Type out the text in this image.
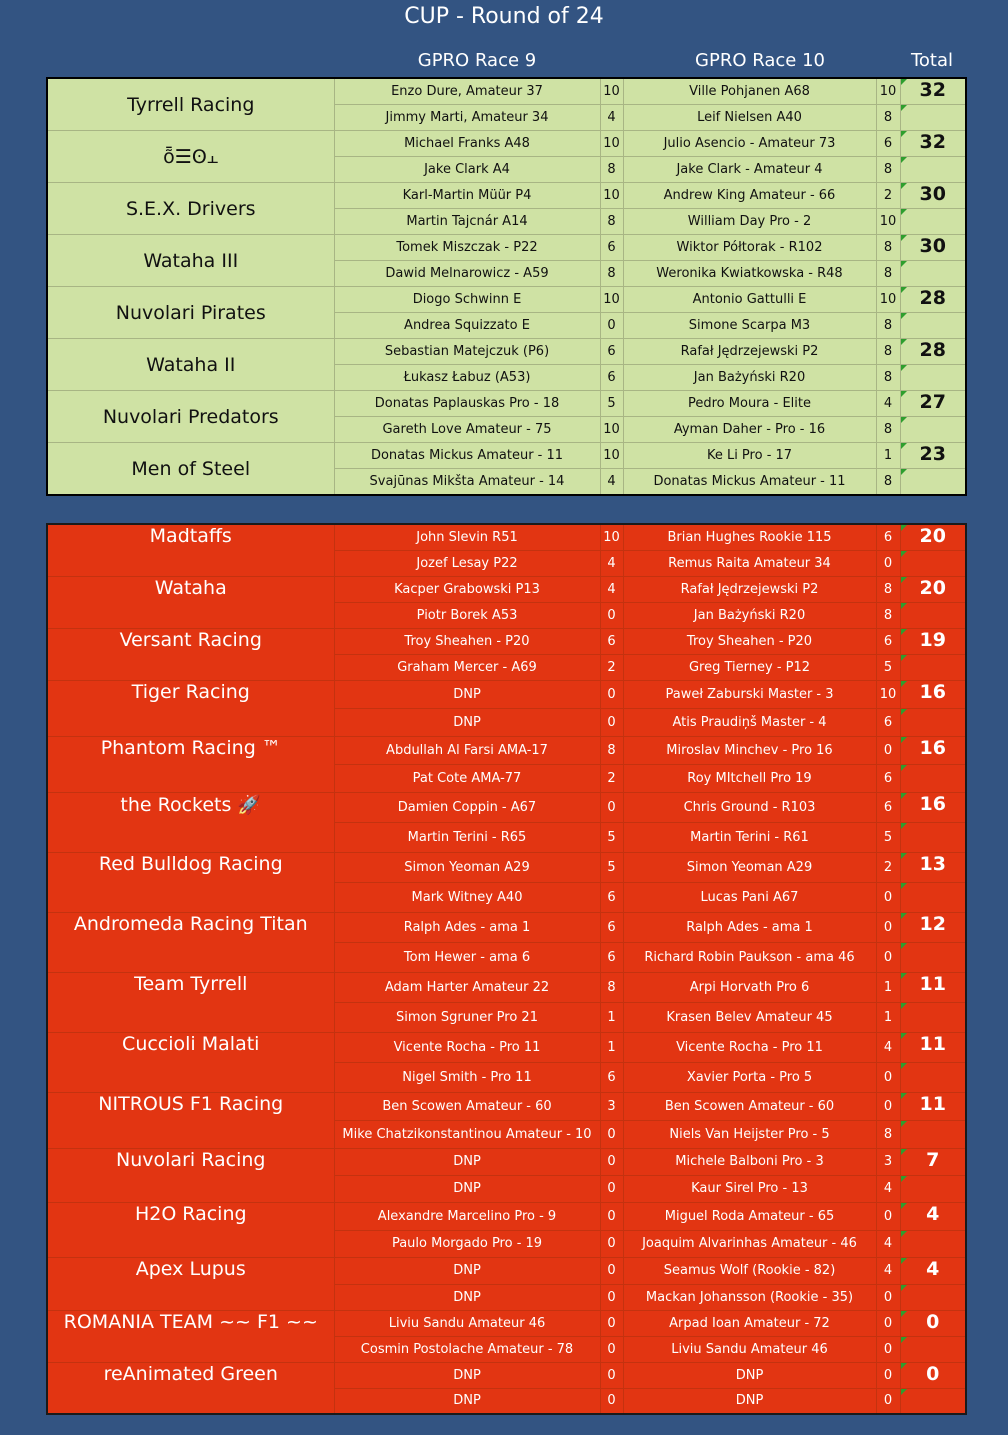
CUP - Round of 24
GPRO Race 9	GPRO Race 10	Total
Tyrrell Racing	Enzo Dure, Amateur 37	10	Ville Pohjanen A68	10	32
	Jimmy Marti, Amateur 34	4	Leif Nielsen A40	8	
ȭ☰ʘ⫠	Michael Franks A48	10	Julio Asencio - Amateur 73	6	32
	Jake Clark A4	8	Jake Clark - Amateur 4	8	
S.E.X. Drivers	Karl-Martin Müür P4	10	Andrew King Amateur - 66	2	30
	Martin Tajcnár A14	8	William Day Pro - 2	10	
Wataha III	Tomek Miszczak - P22	6	Wiktor Półtorak - R102	8	30
	Dawid Melnarowicz - A59	8	Weronika Kwiatkowska - R48	8	
Nuvolari Pirates	Diogo Schwinn E	10	Antonio Gattulli E	10	28
	Andrea Squizzato E	0	Simone Scarpa M3	8	
Wataha II	Sebastian Matejczuk (P6)	6	Rafał Jędrzejewski P2	8	28
	Łukasz Łabuz (A53)	6	Jan Bażyński R20	8	
Nuvolari Predators	Donatas Paplauskas Pro - 18	5	Pedro Moura - Elite	4	27
	Gareth Love Amateur - 75	10	Ayman Daher - Pro - 16	8	
Men of Steel	Donatas Mickus Amateur - 11	10	Ke Li Pro - 17	1	23
	Svajūnas Mikšta Amateur - 14	4	Donatas Mickus Amateur - 11	8	
Madtaffs	John Slevin R51	10	Brian Hughes Rookie 115	6	20
	Jozef Lesay P22	4	Remus Raita Amateur 34	0	
Wataha	Kacper Grabowski P13	4	Rafał Jędrzejewski P2	8	20
	Piotr Borek A53	0	Jan Bażyński R20	8	
Versant Racing	Troy Sheahen - P20	6	Troy Sheahen - P20	6	19
	Graham Mercer - A69	2	Greg Tierney - P12	5	
Tiger Racing	DNP	0	Paweł Zaburski Master - 3	10	16
	DNP	0	Atis Praudiņš Master - 4	6	
Phantom Racing ™	Abdullah Al Farsi AMA-17	8	Miroslav Minchev - Pro 16	0	16
	Pat Cote AMA-77	2	Roy MItchell Pro 19	6	
the Rockets 🚀	Damien Coppin - A67	0	Chris Ground - R103	6	16
	Martin Terini - R65	5	Martin Terini - R61	5	
Red Bulldog Racing	Simon Yeoman A29	5	Simon Yeoman A29	2	13
	Mark Witney A40	6	Lucas Pani A67	0	
Andromeda Racing Titan	Ralph Ades - ama 1	6	Ralph Ades - ama 1	0	12
	Tom Hewer - ama 6	6	Richard Robin Paukson - ama 46	0	
Team Tyrrell	Adam Harter Amateur 22	8	Arpi Horvath Pro 6	1	11
	Simon Sgruner Pro 21	1	Krasen Belev Amateur 45	1	
Cuccioli Malati	Vicente Rocha - Pro 11	1	Vicente Rocha - Pro 11	4	11
	Nigel Smith - Pro 11	6	Xavier Porta - Pro 5	0	
NITROUS F1 Racing	Ben Scowen Amateur - 60	3	Ben Scowen Amateur - 60	0	11
	Mike Chatzikonstantinou Amateur - 10	0	Niels Van Heijster Pro - 5	8	
Nuvolari Racing	DNP	0	Michele Balboni Pro - 3	3	7
	DNP	0	Kaur Sirel Pro - 13	4	
H2O Racing	Alexandre Marcelino Pro - 9	0	Miguel Roda Amateur - 65	0	4
	Paulo Morgado Pro - 19	0	Joaquim Alvarinhas Amateur - 46	4	
Apex Lupus	DNP	0	Seamus Wolf (Rookie - 82)	4	4
	DNP	0	Mackan Johansson (Rookie - 35)	0	
ROMANIA TEAM ~~ F1 ~~	Liviu Sandu Amateur 46	0	Arpad Ioan Amateur - 72	0	0
	Cosmin Postolache Amateur - 78	0	Liviu Sandu Amateur 46	0	
reAnimated Green	DNP	0	DNP	0	0
	DNP	0	DNP	0	
